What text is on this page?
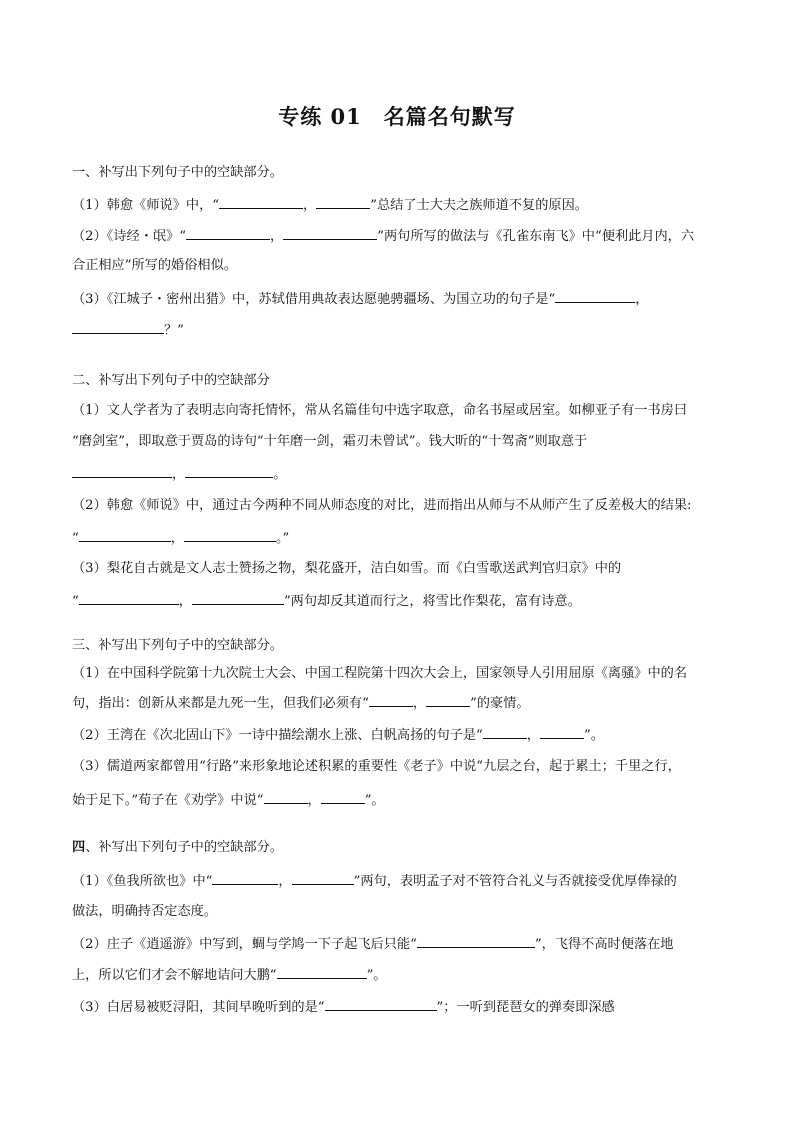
专练 01　名篇名句默写
一、补写出下列句子中的空缺部分。
（1）韩愈《师说》中，“	，	”总结了士大夫之族师道不复的原因。
（2）《诗经・氓》“	，	”两句所写的做法与《孔雀东南飞》中“便利此月内，六
合正相应”所写的婚俗相似。
（3）《江城子・密州出猎》中，苏轼借用典故表达愿驰骋疆场、为国立功的句子是“	，
？”
二、补写出下列句子中的空缺部分
（1）文人学者为了表明志向寄托情怀，常从名篇佳句中选字取意，命名书屋或居室。如柳亚子有一书房曰
“磨剑室”，即取意于贾岛的诗句“十年磨一剑，霜刃未曾试”。钱大昕的“十驾斋”则取意于
，	。
（2）韩愈《师说》中，通过古今两种不同从师态度的对比，进而指出从师与不从师产生了反差极大的结果:
“	，	。”
（3）梨花自古就是文人志士赞扬之物，梨花盛开，洁白如雪。而《白雪歌送武判官归京》中的
“	，	”两句却反其道而行之，将雪比作梨花，富有诗意。
三、补写出下列句子中的空缺部分。
（1）在中国科学院第十九次院士大会、中国工程院第十四次大会上，国家领导人引用屈原《离骚》中的名
句，指出：创新从来都是九死一生，但我们必须有“	，	”的豪情。
（2）王湾在《次北固山下》一诗中描绘潮水上涨、白帆高扬的句子是“	，	”。
（3）儒道两家都曾用“行路”来形象地论述积累的重要性《老子》中说“九层之台，起于累土；千里之行，
始于足下。”荀子在《劝学》中说“	，	”。
四、补写出下列句子中的空缺部分。
（1）《鱼我所欲也》中“	，	”两句，表明孟子对不管符合礼义与否就接受优厚俸禄的
做法，明确持否定态度。
（2）庄子《逍遥游》中写到，蜩与学鸠一下子起飞后只能“	”，飞得不高时便落在地
上，所以它们才会不解地诘问大鹏“	”。
（3）白居易被贬浔阳，其间早晚听到的是“	”；一听到琵琶女的弹奏即深感
